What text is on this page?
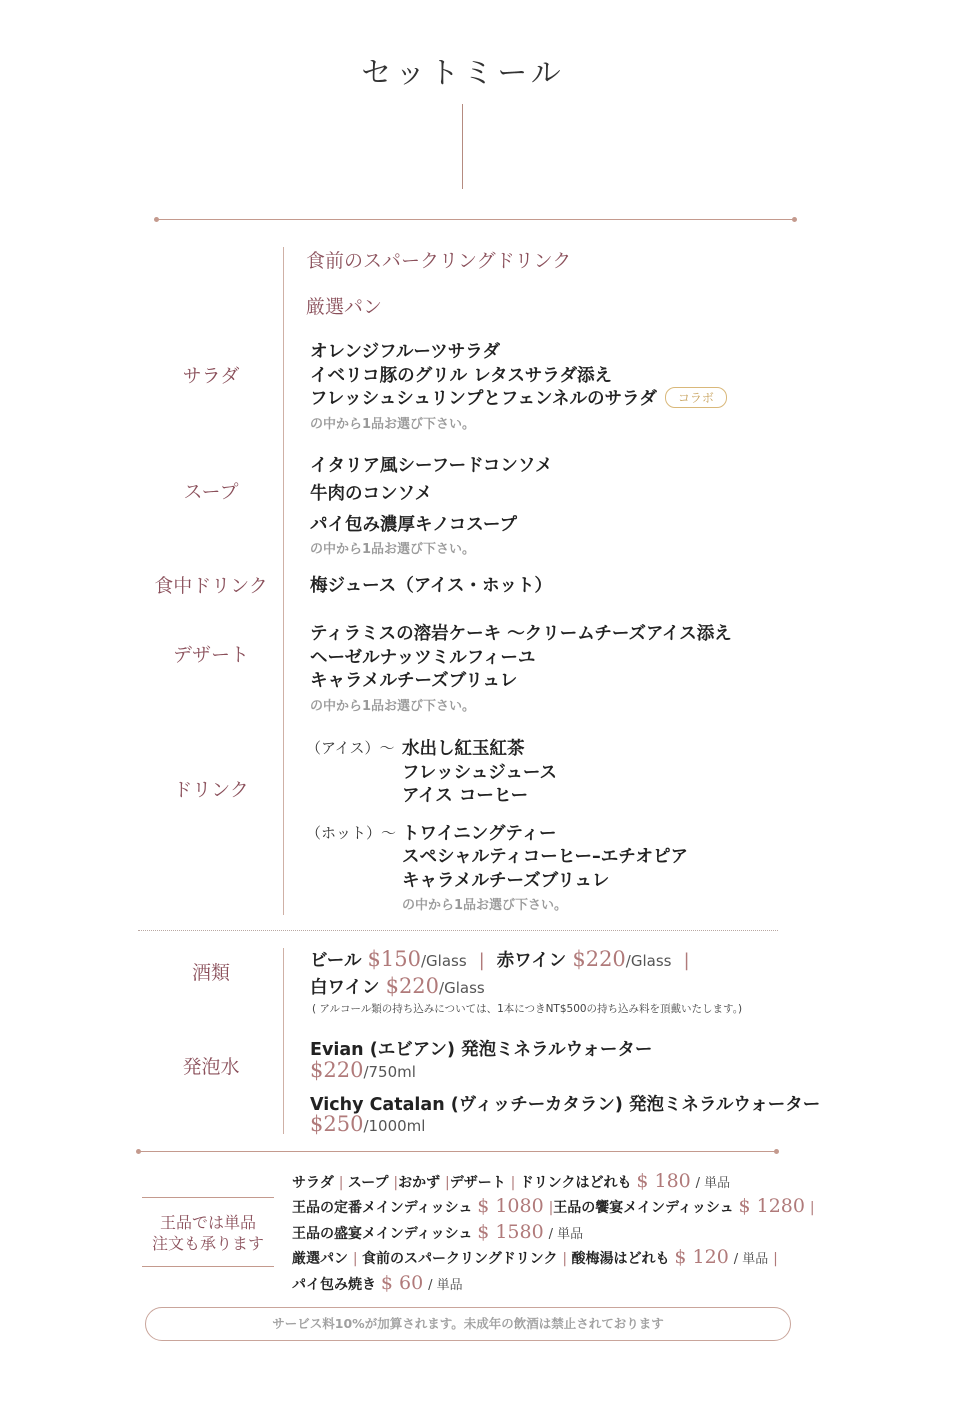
セットミール
食前のスパークリングドリンク
厳選パン
サラダ
オレンジフルーツサラダ
イベリコ豚のグリル レタスサラダ添え
フレッシュシュリンプとフェンネルのサラダ コラボ
の中から1品お選び下さい。
スープ
イタリア風シーフードコンソメ
牛肉のコンソメ
パイ包み濃厚キノコスープ
の中から1品お選び下さい。
食中ドリンク	梅ジュース（アイス・ホット）
デザート
ティラミスの溶岩ケーキ ～クリームチーズアイス添え
ヘーゼルナッツミルフィーユ
キャラメルチーズブリュレ
の中から1品お選び下さい。
ドリンク
（アイス）～ 水出し紅玉紅茶
フレッシュジュース
アイス コーヒー
（ホット）～ トワイニングティー
スペシャルティコーヒー–エチオピア
キャラメルチーズブリュレ
の中から1品お選び下さい。
酒類
ビール $150/Glass | 赤ワイン $220/Glass |
白ワイン $220/Glass
( アルコール類の持ち込みについては、1本につきNT$500の持ち込み料を頂戴いたします。)
発泡水
Evian (エビアン) 発泡ミネラルウォーター
$220/750ml
Vichy Catalan (ヴィッチーカタラン) 発泡ミネラルウォーター
$250/1000ml
王品では単品
注文も承ります
サラダ | スープ |おかず |デザート | ドリンクはどれも $ 180 / 単品
王品の定番メインディッシュ $ 1080 |王品の饗宴メインディッシュ $ 1280 |
王品の盛宴メインディッシュ $ 1580 / 単品
厳選パン | 食前のスパークリングドリンク | 酸梅湯はどれも $ 120 / 単品 |
パイ包み焼き $ 60 / 単品
サービス料10%が加算されます。未成年の飲酒は禁止されております
